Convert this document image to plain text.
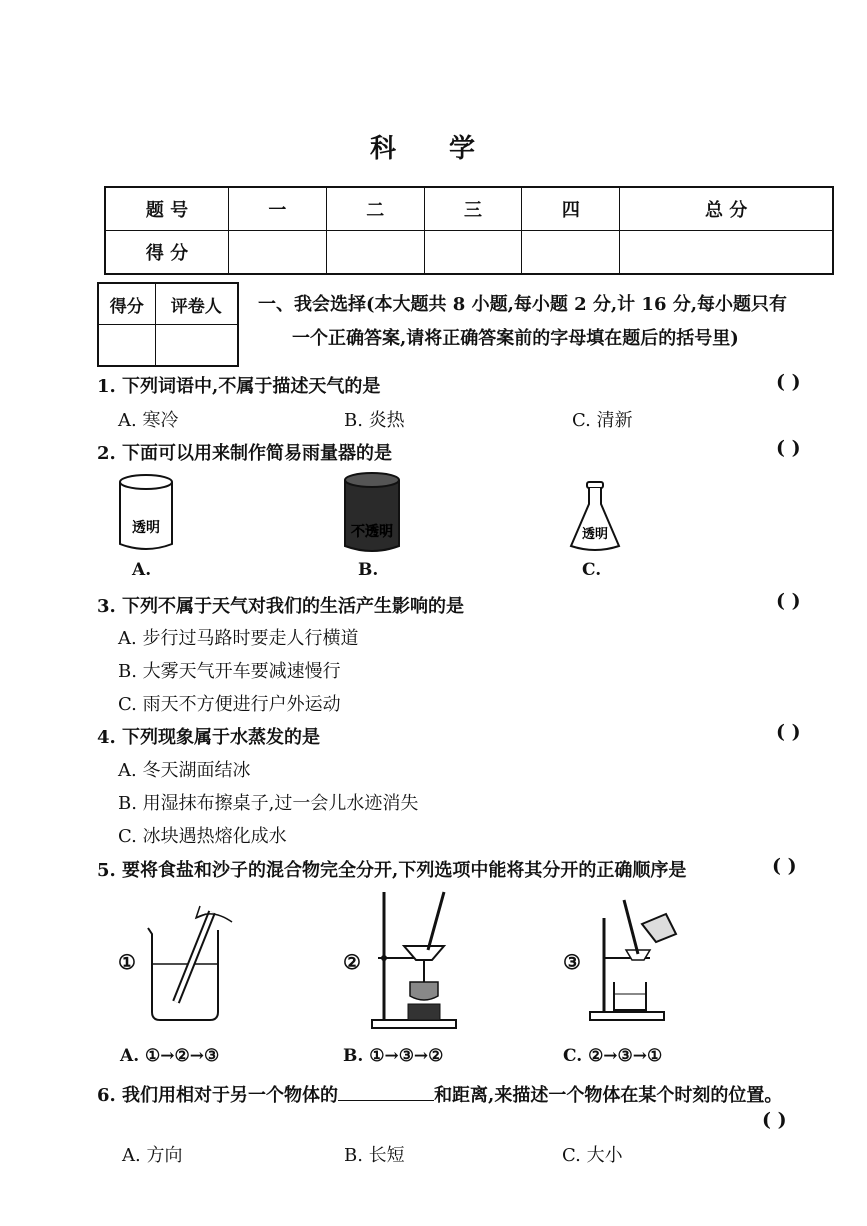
科 学
题 号	一	二	三	四	总 分
得 分					
得分	评卷人
	一、我会选择(本大题共 8 小题,每小题 2 分,计 16 分,每小题只有
一个正确答案,请将正确答案前的字母填在题后的括号里)
1. 下列词语中,不属于描述天气的是	( )
A. 寒冷	B. 炎热	C. 清新
2. 下面可以用来制作简易雨量器的是	( )
透明	不透明	透明
A.	B.	C.
3. 下列不属于天气对我们的生活产生影响的是	( )
A. 步行过马路时要走人行横道
B. 大雾天气开车要减速慢行
C. 雨天不方便进行户外运动
4. 下列现象属于水蒸发的是	( )
A. 冬天湖面结冰
B. 用湿抹布擦桌子,过一会儿水迹消失
C. 冰块遇热熔化成水
5. 要将食盐和沙子的混合物完全分开,下列选项中能将其分开的正确顺序是	( )
①	②	③
A. ①→②→③	B. ①→③→②	C. ②→③→①
6. 我们用相对于另一个物体的	和距离,来描述一个物体在某个时刻的位置。
( )
A. 方向	B. 长短	C. 大小
